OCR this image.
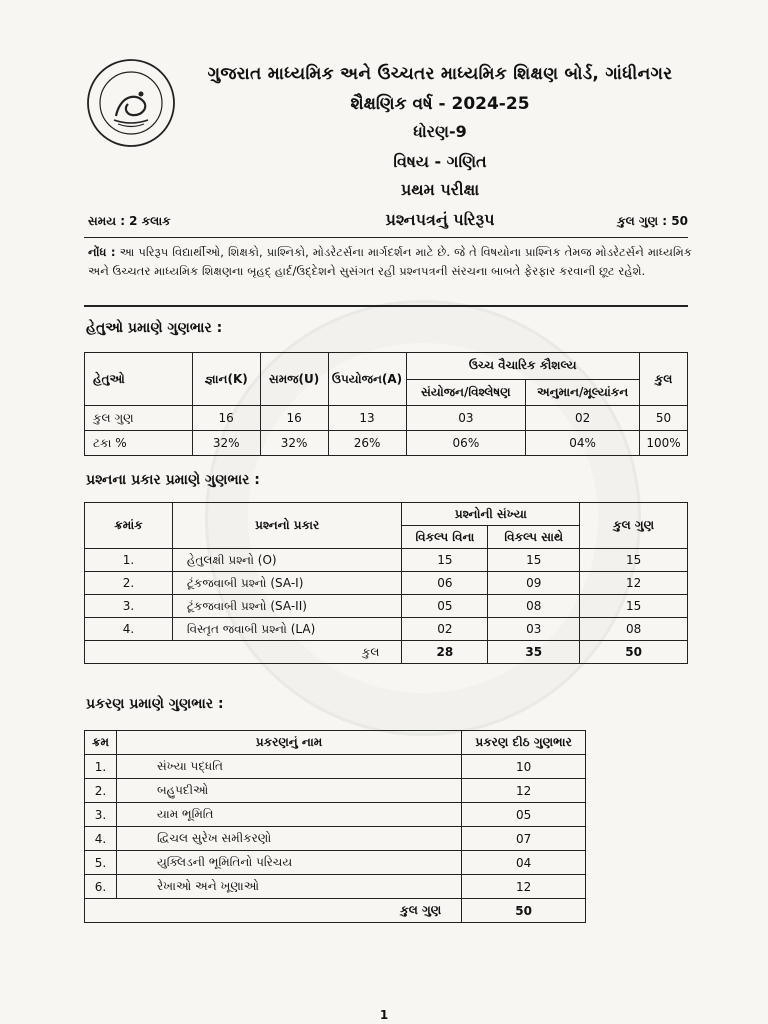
ગુજરાત માધ્યમિક અને ઉચ્ચતર માધ્યમિક શિક્ષણ બોર્ડ, ગાંધીનગર
શૈક્ષણિક વર્ષ - 2024-25
ધોરણ-9
વિષય - ગણિત
પ્રથમ પરીક્ષા
પ્રશ્નપત્રનું પરિરૂપ
સમય : 2 કલાક	કુલ ગુણ : 50
નોંધ : આ પરિરૂપ વિદ્યાર્થીઓ, શિક્ષકો, પ્રાશ્નિકો, મોડરેટર્સના માર્ગદર્શન માટે છે. જે તે વિષયોના પ્રાશ્નિક તેમજ મોડરેટર્સને માધ્યમિક અને ઉચ્ચતર માધ્યમિક શિક્ષણના બૃહદ્ હાર્દ/ઉદ્દેશને સુસંગત રહી પ્રશ્નપત્રની સંરચના બાબતે ફેરફાર કરવાની છૂટ રહેશે.
હેતુઓ પ્રમાણે ગુણભાર :
હેતુઓ	જ્ઞાન(K)	સમજ(U)	ઉપયોજન(A)	ઉચ્ચ વૈચારિક કૌશલ્ય		કુલ
				સંયોજન/વિશ્લેષણ	અનુમાન/મૂલ્યાંકન	
કુલ ગુણ	16	16	13	03	02	50
ટકા %	32%	32%	26%	06%	04%	100%
પ્રશ્નના પ્રકાર પ્રમાણે ગુણભાર :
ક્રમાંક	પ્રશ્નનો પ્રકાર	પ્રશ્નોની સંખ્યા		કુલ ગુણ
		વિકલ્પ વિના	વિકલ્પ સાથે	
1.	હેતુલક્ષી પ્રશ્નો (O)	15	15	15
2.	ટૂંકજવાબી પ્રશ્નો (SA-I)	06	09	12
3.	ટૂંકજવાબી પ્રશ્નો (SA-II)	05	08	15
4.	વિસ્તૃત જવાબી પ્રશ્નો (LA)	02	03	08
	કુલ	28	35	50
પ્રકરણ પ્રમાણે ગુણભાર :
ક્રમ	પ્રકરણનું નામ	પ્રકરણ દીઠ ગુણભાર
1.	સંખ્યા પદ્ધતિ	10
2.	બહુપદીઓ	12
3.	યામ ભૂમિતિ	05
4.	દ્વિચલ સુરેખ સમીકરણો	07
5.	યુક્લિડની ભૂમિતિનો પરિચય	04
6.	રેખાઓ અને ખૂણાઓ	12
	કુલ ગુણ	50
1
